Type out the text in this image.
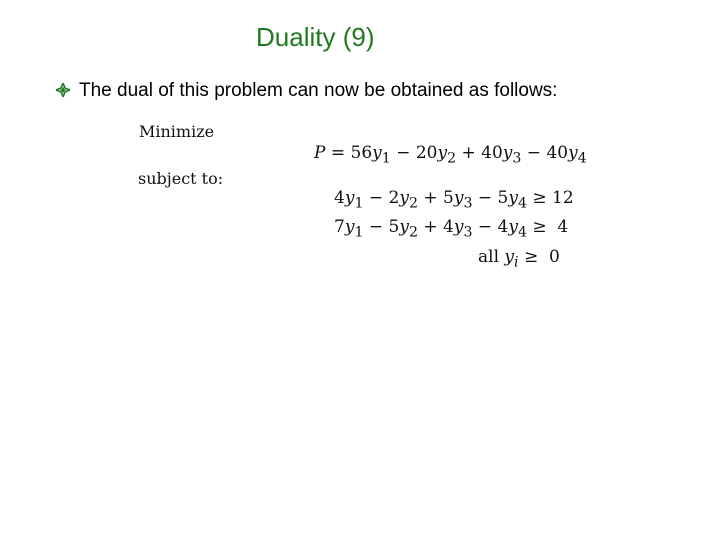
Duality (9)
The dual of this problem can now be obtained as follows:
Minimize
subject to:
$P = 56y_1 - 20y_2 + 40y_3 - 40y_4$
$4y_1 - 2y_2 + 5y_3 - 5y_4 \ge 12$
$7y_1 - 5y_2 + 4y_3 - 4y_4 \ge 4$
all $y_i \ge 0$
